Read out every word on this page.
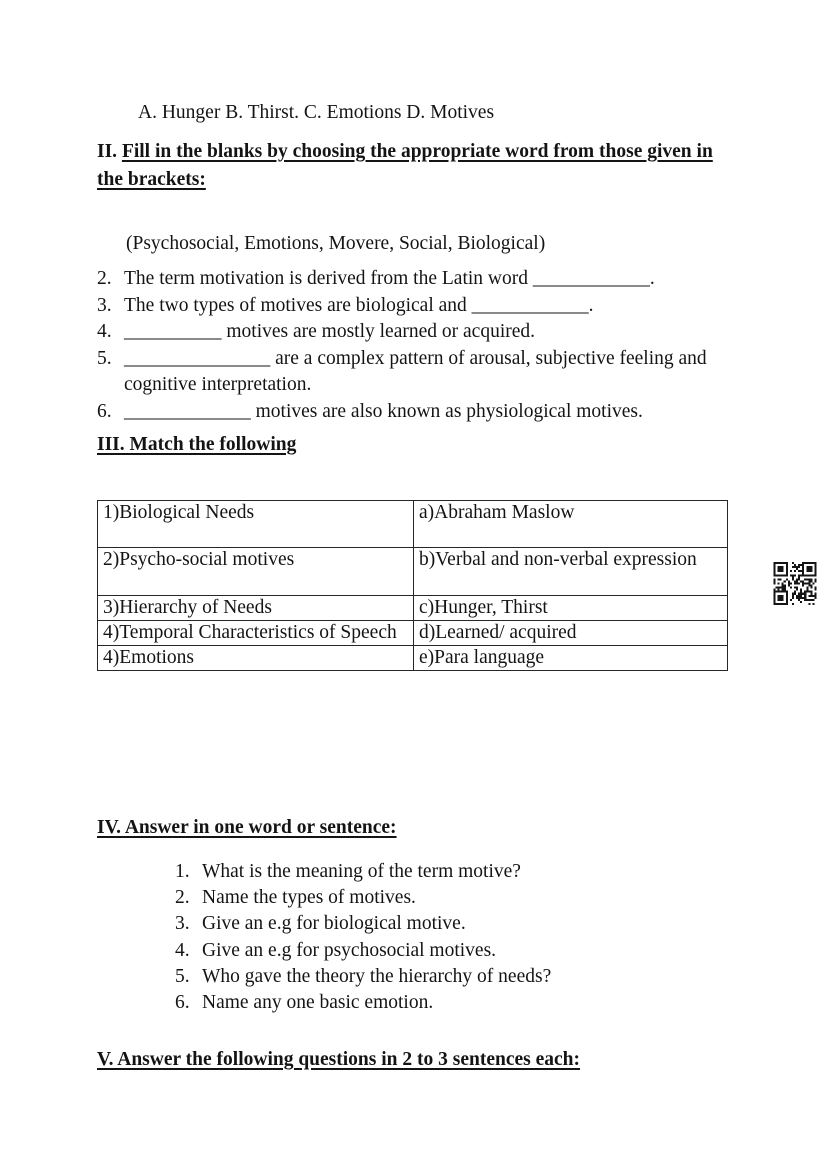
A. Hunger B. Thirst. C. Emotions D. Motives
II. Fill in the blanks by choosing the appropriate word from those given in
the brackets:
(Psychosocial, Emotions, Movere, Social, Biological)
2. The term motivation is derived from the Latin word ____________.
3. The two types of motives are biological and ____________.
4. __________ motives are mostly learned or acquired.
5. _______________ are a complex pattern of arousal, subjective feeling and cognitive interpretation.
6. _____________ motives are also known as physiological motives.
III. Match the following
1)Biological Needs	a)Abraham Maslow
2)Psycho-social motives	b)Verbal and non-verbal expression
3)Hierarchy of Needs	c)Hunger, Thirst
4)Temporal Characteristics of Speech	d)Learned/ acquired
4)Emotions	e)Para language
IV. Answer in one word or sentence:
1. What is the meaning of the term motive?
2. Name the types of motives.
3. Give an e.g for biological motive.
4. Give an e.g for psychosocial motives.
5. Who gave the theory the hierarchy of needs?
6. Name any one basic emotion.
V. Answer the following questions in 2 to 3 sentences each:
